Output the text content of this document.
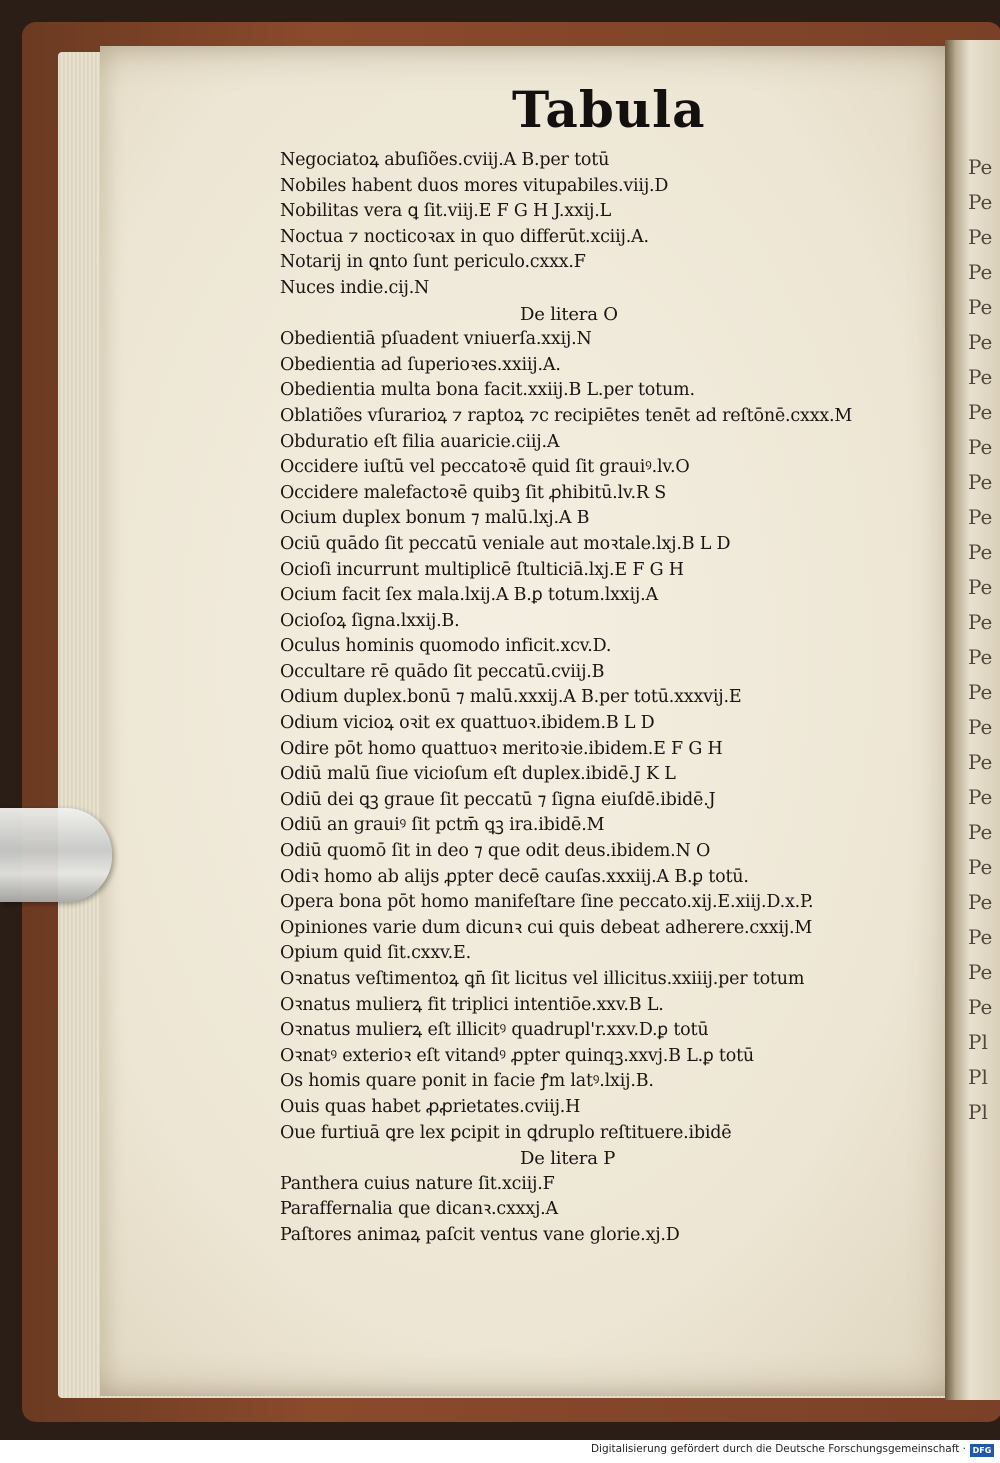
Pe
Pe
Pe
Pe
Pe
Pe
Pe
Pe
Pe
Pe
Pe
Pe
Pe
Pe
Pe
Pe
Pe
Pe
Pe
Pe
Pe
Pe
Pe
Pe
Pe
Pl
Pl
Pl
Tabula
Negociatoꝝ abuſiões.cviij.A B.per totū
Nobiles habent duos mores vitupabiles.viij.D
Nobilitas vera ꝗ ſit.viij.E F G H J.xxij.L
Noctua ⁊ nocticoꝛax in quo differūt.xciij.A.
Notarij in ꝗnto ſunt periculo.cxxx.F
Nuces indie.cij.N
De litera O
Obedientiā pſuadent vniuerſa.xxij.N
Obedientia ad ſuperioꝛes.xxiij.A.
Obedientia multa bona facit.xxiij.B L.per totum.
Oblatiões vſurarioꝝ ⁊ raptoꝝ ⁊c recipiētes tenēt ad reſtōnē.cxxx.M
Obduratio eſt filia auaricie.ciij.A
Occidere iuſtū vel peccatoꝛē quid ſit grauiꝰ.lv.O
Occidere malefactoꝛē quibꝫ ſit ꝓhibitū.lv.R S
Ocium duplex bonum ⁊ malū.lxj.A B
Ociū quādo ſit peccatū veniale aut moꝛtale.lxj.B L D
Ocioſi incurrunt multiplicē ſtulticiā.lxj.E F G H
Ocium facit ſex mala.lxij.A B.ꝑ totum.lxxij.A
Ocioſoꝝ ſigna.lxxij.B.
Oculus hominis quomodo inficit.xcv.D.
Occultare rē quādo ſit peccatū.cviij.B
Odium duplex.bonū ⁊ malū.xxxij.A B.per totū.xxxvij.E
Odium vicioꝝ oꝛit ex quattuoꝛ.ibidem.B L D
Odire pōt homo quattuoꝛ meritoꝛie.ibidem.E F G H
Odiū malū ſiue vicioſum eſt duplex.ibidē.J K L
Odiū dei ꝗꝫ graue ſit peccatū ⁊ ſigna eiuſdē.ibidē.J
Odiū an grauiꝰ ſit pctm̄ ꝗꝫ ira.ibidē.M
Odiū quomō ſit in deo ⁊ que odit deus.ibidem.N O
Odiꝛ homo ab alijs ꝓpter decē cauſas.xxxiij.A B.ꝑ totū.
Opera bona pōt homo manifeſtare ſine peccato.xij.E.xiij.D.x.P.
Opiniones varie dum dicunꝛ cui quis debeat adherere.cxxij.M
Opium quid ſit.cxxv.E.
Oꝛnatus veſtimentoꝝ ꝗn̄ ſit licitus vel illicitus.xxiiij.per totum
Oꝛnatus mulierꝝ fit triplici intentiōe.xxv.B L.
Oꝛnatus mulierꝝ eſt illicitꝰ quadrupl'r.xxv.D.ꝑ totū
Oꝛnatꝰ exterioꝛ eſt vitandꝰ ꝓpter quinqꝫ.xxvj.B L.ꝑ totū
Os homis quare ponit in facie ꝭm latꝰ.lxij.B.
Ouis quas habet ꝓꝓrietates.cviij.H
Oue furtiuā ꝗre lex ꝑcipit in ꝗdruplo reſtituere.ibidē
De litera P
Panthera cuius nature ſit.xciij.F
Paraffernalia que dicanꝛ.cxxxj.A
Paſtores animaꝝ paſcit ventus vane glorie.xj.D
Digitalisierung gefördert durch die Deutsche Forschungsgemeinschaft · DFG
